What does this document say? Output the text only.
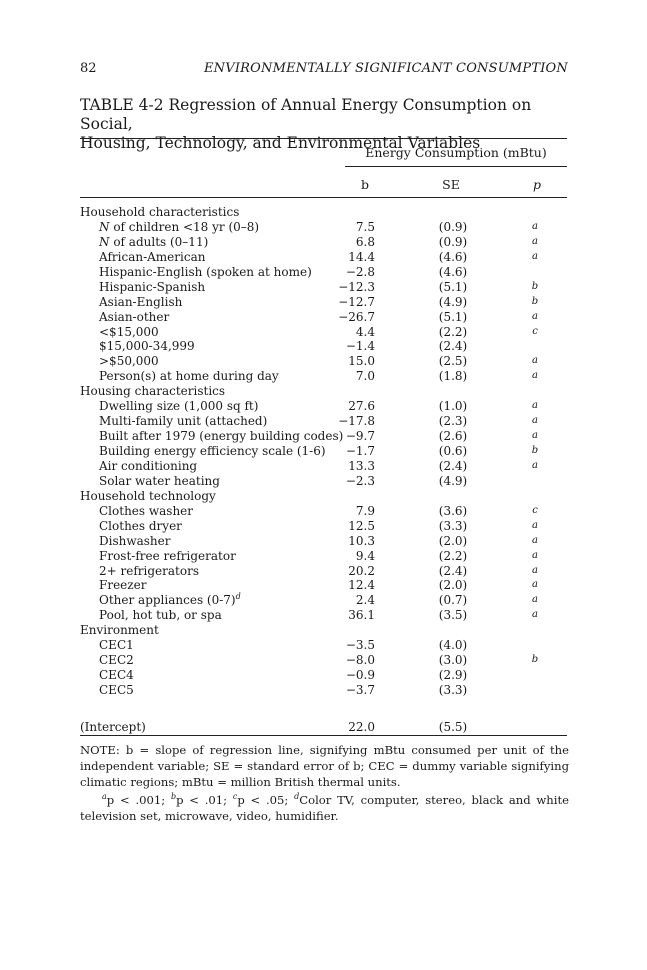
82	ENVIRONMENTALLY SIGNIFICANT CONSUMPTION
TABLE 4-2 Regression of Annual Energy Consumption on Social,
Housing, Technology, and Environmental Variables
Energy Consumption (mBtu)
b	SE	p
Household characteristics
N of children <18 yr (0–8)	7.5	(0.9)	a
N of adults (0–11)	6.8	(0.9)	a
African-American	14.4	(4.6)	a
Hispanic-English (spoken at home)	−2.8	(4.6)
Hispanic-Spanish	−12.3	(5.1)	b
Asian-English	−12.7	(4.9)	b
Asian-other	−26.7	(5.1)	a
<$15,000	4.4	(2.2)	c
$15,000-34,999	−1.4	(2.4)
>$50,000	15.0	(2.5)	a
Person(s) at home during day	7.0	(1.8)	a
Housing characteristics
Dwelling size (1,000 sq ft)	27.6	(1.0)	a
Multi-family unit (attached)	−17.8	(2.3)	a
Built after 1979 (energy building codes) −9.7	(2.6)	a
Building energy efficiency scale (1-6)	−1.7	(0.6)	b
Air conditioning	13.3	(2.4)	a
Solar water heating	−2.3	(4.9)
Household technology
Clothes washer	7.9	(3.6)	c
Clothes dryer	12.5	(3.3)	a
Dishwasher	10.3	(2.0)	a
Frost-free refrigerator	9.4	(2.2)	a
2+ refrigerators	20.2	(2.4)	a
Freezer	12.4	(2.0)	a
Other appliances $(0-7)^d$	2.4	(0.7)	a
Pool, hot tub, or spa	36.1	(3.5)	a
Environment
CEC1	−3.5	(4.0)
CEC2	−8.0	(3.0)	b
CEC4	−0.9	(2.9)
CEC5	−3.7	(3.3)
(Intercept)	22.0	(5.5)

NOTE: b = slope of regression line, signifying mBtu consumed per unit of the independent variable; SE = standard error of b; CEC = dummy variable signifying climatic regions; mBtu = million British thermal units.

$^a$p < .001; $^b$p < .01; $^c$p < .05; $^d$Color TV, computer, stereo, black and white television set, microwave, video, humidifier.
